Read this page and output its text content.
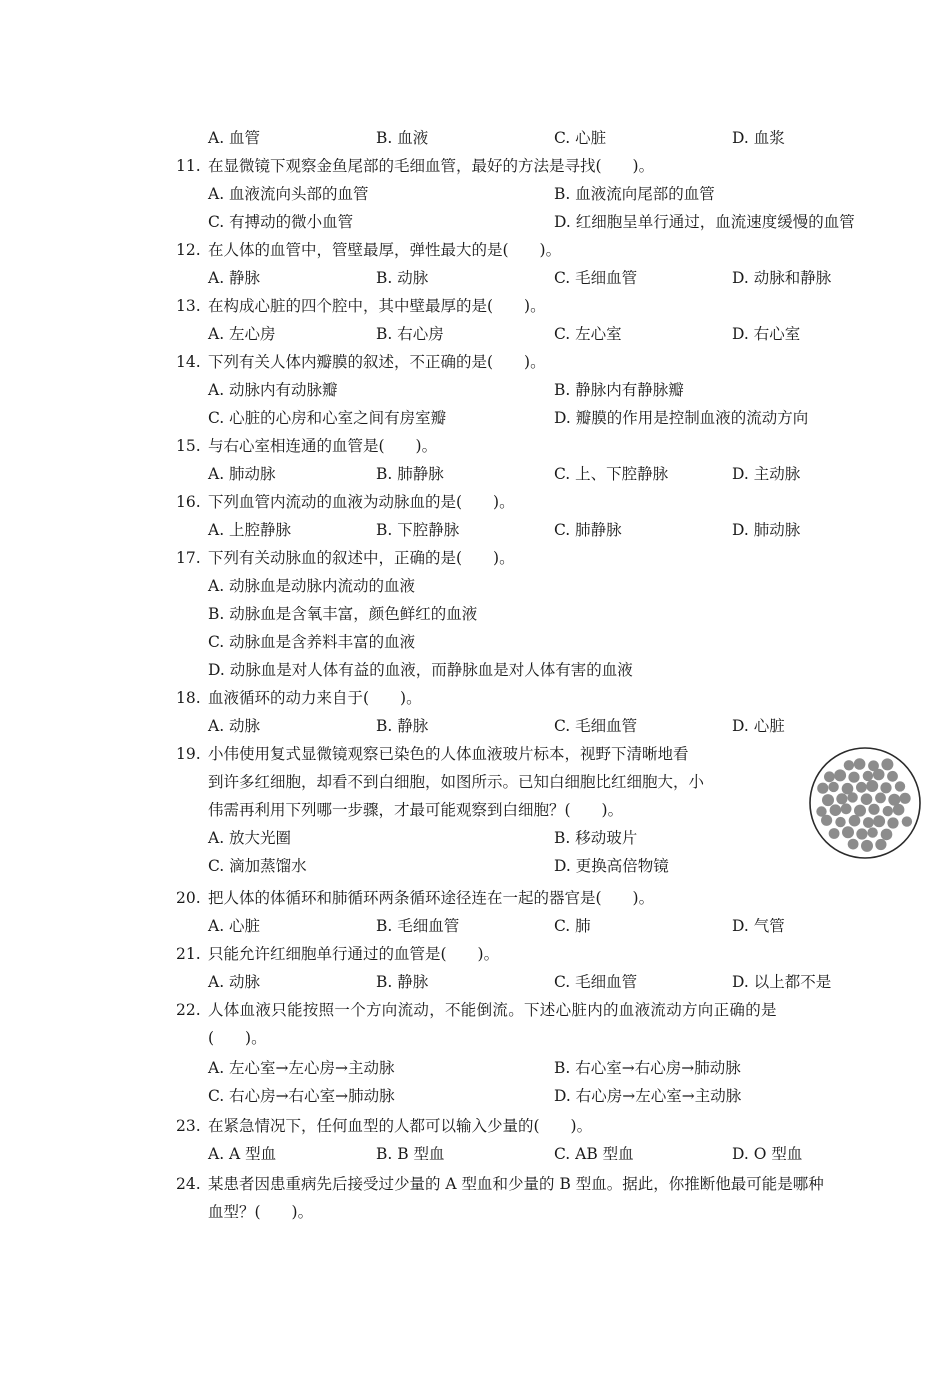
A. 血管	B. 血液	C. 心脏	D. 血浆
11. 在显微镜下观察金鱼尾部的毛细血管，最好的方法是寻找(　　)。
A. 血液流向头部的血管	B. 血液流向尾部的血管
C. 有搏动的微小血管	D. 红细胞呈单行通过，血流速度缓慢的血管
12. 在人体的血管中，管壁最厚，弹性最大的是(　　)。
A. 静脉	B. 动脉	C. 毛细血管	D. 动脉和静脉
13. 在构成心脏的四个腔中，其中壁最厚的是(　　)。
A. 左心房	B. 右心房	C. 左心室	D. 右心室
14. 下列有关人体内瓣膜的叙述，不正确的是(　　)。
A. 动脉内有动脉瓣	B. 静脉内有静脉瓣
C. 心脏的心房和心室之间有房室瓣	D. 瓣膜的作用是控制血液的流动方向
15. 与右心室相连通的血管是(　　)。
A. 肺动脉	B. 肺静脉	C. 上、下腔静脉	D. 主动脉
16. 下列血管内流动的血液为动脉血的是(　　)。
A. 上腔静脉	B. 下腔静脉	C. 肺静脉	D. 肺动脉
17. 下列有关动脉血的叙述中，正确的是(　　)。
A. 动脉血是动脉内流动的血液
B. 动脉血是含氧丰富，颜色鲜红的血液
C. 动脉血是含养料丰富的血液
D. 动脉血是对人体有益的血液，而静脉血是对人体有害的血液
18. 血液循环的动力来自于(　　)。
A. 动脉	B. 静脉	C. 毛细血管	D. 心脏
19. 小伟使用复式显微镜观察已染色的人体血液玻片标本，视野下清晰地看
到许多红细胞，却看不到白细胞，如图所示。已知白细胞比红细胞大，小
伟需再利用下列哪一步骤，才最可能观察到白细胞？(　　)。
A. 放大光圈	B. 移动玻片
C. 滴加蒸馏水	D. 更换高倍物镜
20. 把人体的体循环和肺循环两条循环途径连在一起的器官是(　　)。
A. 心脏	B. 毛细血管	C. 肺	D. 气管
21. 只能允许红细胞单行通过的血管是(　　)。
A. 动脉	B. 静脉	C. 毛细血管	D. 以上都不是
22. 人体血液只能按照一个方向流动，不能倒流。下述心脏内的血液流动方向正确的是
(　　)。
A. 左心室→左心房→主动脉	B. 右心室→右心房→肺动脉
C. 右心房→右心室→肺动脉	D. 右心房→左心室→主动脉
23. 在紧急情况下，任何血型的人都可以输入少量的(　　)。
A. A 型血	B. B 型血	C. AB 型血	D. O 型血
24. 某患者因患重病先后接受过少量的 A 型血和少量的 B 型血。据此，你推断他最可能是哪种
血型？(　　)。
